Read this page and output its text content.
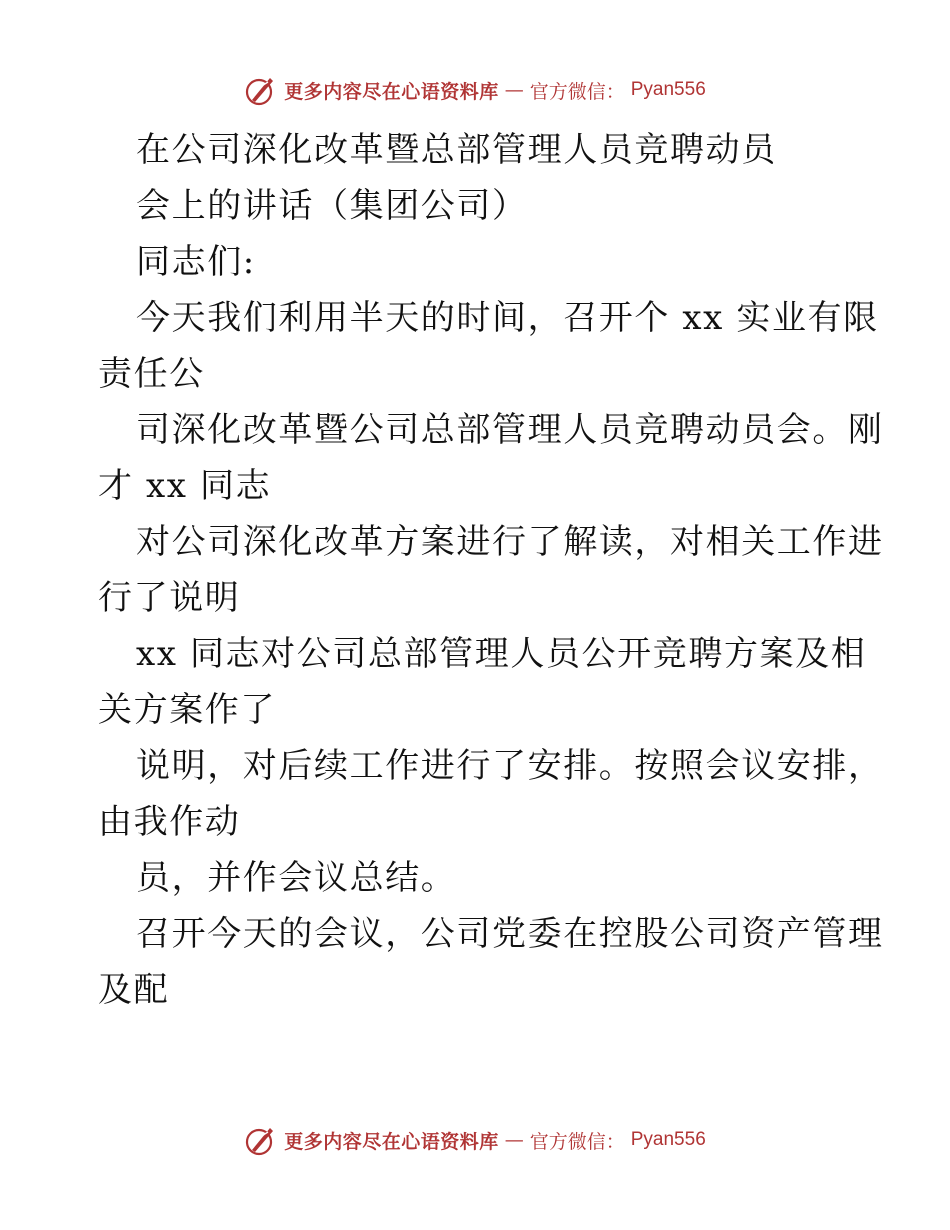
更多内容尽在心语资料库 — 官方微信： Pyan556
在公司深化改革暨总部管理人员竞聘动员
会上的讲话（集团公司）
同志们:
今天我们利用半天的时间，召开个 xx 实业有限
责任公
司深化改革暨公司总部管理人员竞聘动员会。刚
才 xx 同志
对公司深化改革方案进行了解读，对相关工作进
行了说明
xx 同志对公司总部管理人员公开竞聘方案及相
关方案作了
说明，对后续工作进行了安排。按照会议安排，
由我作动
员，并作会议总结。
召开今天的会议，公司党委在控股公司资产管理
及配
更多内容尽在心语资料库 — 官方微信： Pyan556
